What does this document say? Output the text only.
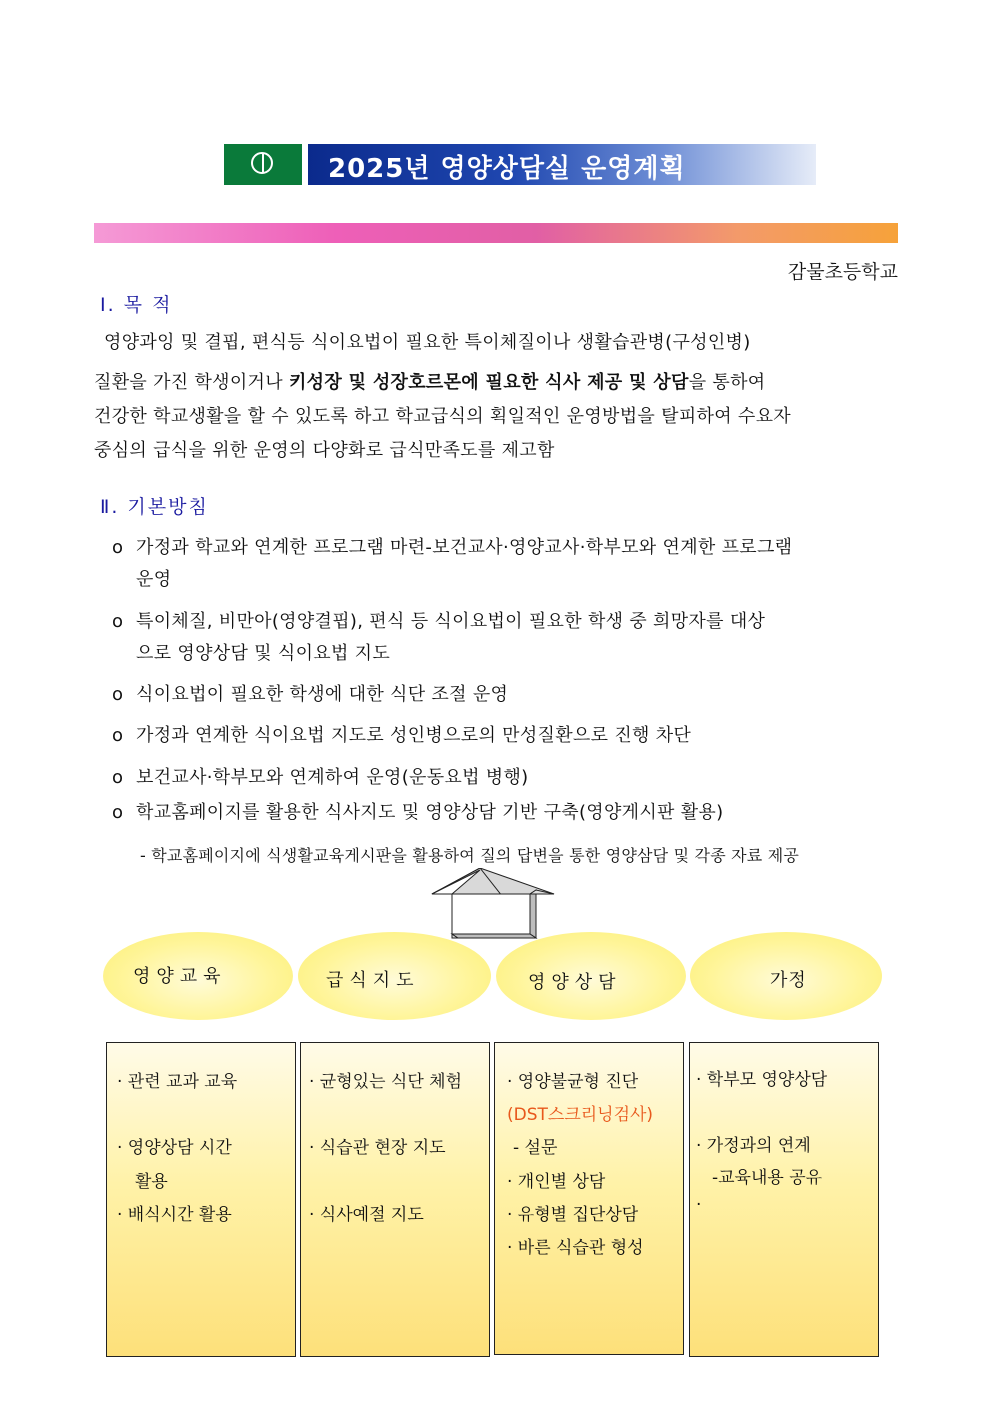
2025년 영양상담실 운영계획
감물초등학교
Ⅰ. 목 적
영양과잉 및 결핍, 편식등 식이요법이 필요한 특이체질이나 생활습관병(구성인병)
질환을 가진 학생이거나 키성장 및 성장호르몬에 필요한 식사 제공 및 상담을 통하여
건강한 학교생활을 할 수 있도록 하고 학교급식의 획일적인 운영방법을 탈피하여 수요자
중심의 급식을 위한 운영의 다양화로 급식만족도를 제고함
Ⅱ. 기본방침
o 가정과 학교와 연계한 프로그램 마련-보건교사·영양교사·학부모와 연계한 프로그램
운영
o 특이체질, 비만아(영양결핍), 편식 등 식이요법이 필요한 학생 중 희망자를 대상
으로 영양상담 및 식이요법 지도
o 식이요법이 필요한 학생에 대한 식단 조절 운영
o 가정과 연계한 식이요법 지도로 성인병으로의 만성질환으로 진행 차단
o 보건교사·학부모와 연계하여 운영(운동요법 병행)
o 학교홈페이지를 활용한 식사지도 및 영양상담 기반 구축(영양게시판 활용)
- 학교홈페이지에 식생활교육게시판을 활용하여 질의 답변을 통한 영양삼담 및 각종 자료 제공
영양교육	급식지도	영양상담	가정
· 관련 교과 교육
· 영양상담 시간
활용
· 배식시간 활용
· 균형있는 식단 체험
· 식습관 현장 지도
· 식사예절 지도
· 영양불균형 진단
(DST스크리닝검사)
- 설문
· 개인별 상담
· 유형별 집단상담
· 바른 식습관 형성
· 학부모 영양상담
· 가정과의 연계
-교육내용 공유
·
